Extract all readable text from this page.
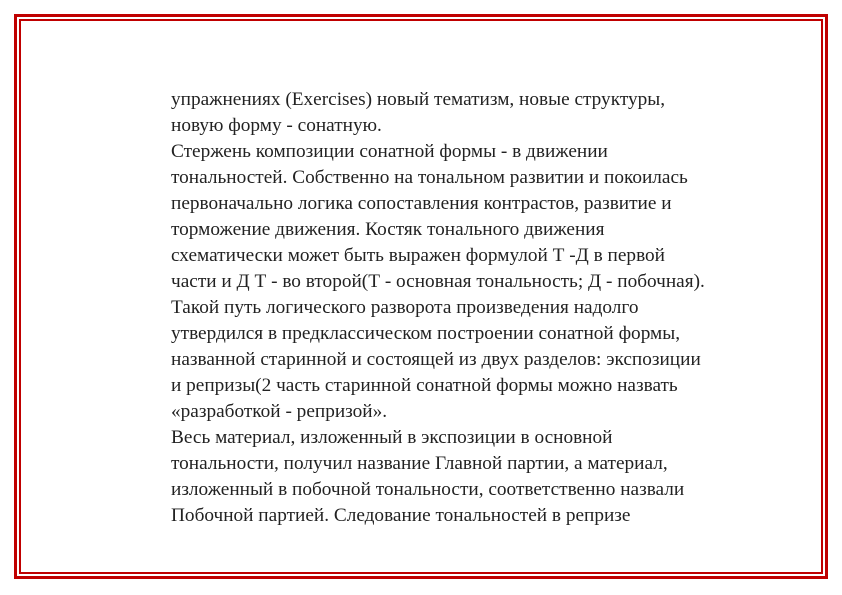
упражнениях (Exercises) новый тематизм, новые структуры,
новую форму - сонатную.
Стержень композиции сонатной формы - в движении
тональностей. Собственно на тональном развитии и покоилась
первоначально логика сопоставления контрастов, развитие и
торможение движения. Костяк тонального движения
схематически может быть выражен формулой Т -Д в первой
части и Д Т - во второй(Т - основная тональность; Д - побочная).
Такой путь логического разворота произведения надолго
утвердился в предклассическом построении сонатной формы,
названной старинной и состоящей из двух разделов: экспозиции
и репризы(2 часть старинной сонатной формы можно назвать
«разработкой - репризой».
Весь материал, изложенный в экспозиции в основной
тональности, получил название Главной партии, а материал,
изложенный в побочной тональности, соответственно назвали
Побочной партией. Следование тональностей в репризе
